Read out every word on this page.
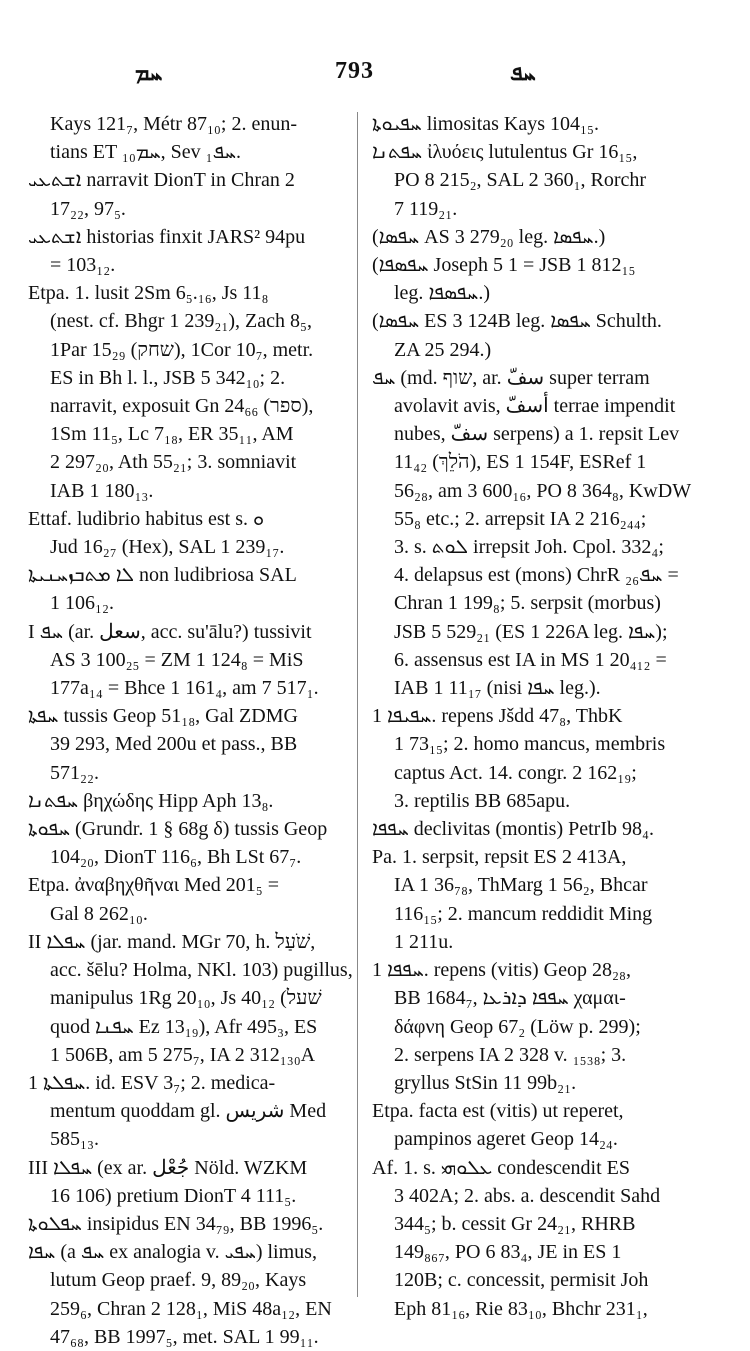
ܚܡ	793	ܚܦ
Kays 121₇, Métr 87₁₀; 2. enun-
tians ET ܚܡ₁₀, Sev ܚܦ₁.
ܐܫܬܥܝ narravit DionT in Chran 2
17₂₂, 97₅.
ܐܫܬܥܝ historias finxit JARS² 94pu
= 103₁₂.
Etpa. 1. lusit 2Sm 6₅.₁₆, Js 11₈
(nest. cf. Bhgr 1 239₂₁), Zach 8₅,
1Par 15₂₉ (שחק), 1Cor 10₇, metr.
ES in Bh l. l., JSB 5 342₁₀; 2.
narravit, exposuit Gn 24₆₆ (ספר),
1Sm 11₅, Lc 7₁₈, ER 35₁₁, AM
2 297₂₀, Ath 55₂₁; 3. somniavit
IAB 1 180₁₃.
Ettaf. ludibrio habitus est s. ܘ
Jud 16₂₇ (Hex), SAL 1 239₁₇.
ܠܐ ܡܬܒܙܚܢܝܬܐ non ludibriosa SAL
1 106₁₂.
I ܚܦ (ar. سعل, acc. su'ālu?) tussivit
AS 3 100₂₅ = ZM 1 124₈ = MiS
177a₁₄ = Bhce 1 161₄, am 7 517₁.
ܚܦܬܐ tussis Geop 51₁₈, Gal ZDMG
39 293, Med 200u et pass., BB
571₂₂.
ܚܦܬܢܐ βηχώδης Hipp Aph 13₈.
ܚܦܘܬܐ (Grundr. 1 § 68g δ) tussis Geop
104₂₀, DionT 116₆, Bh LSt 67₇.
Etpa. ἀναβηχθῆναι Med 201₅ =
Gal 8 262₁₀.
II ܚܦܠܐ (jar. mand. MGr 70, h. שֹׁעַל,
acc. šēlu? Holma, NKl. 103) pugillus,
manipulus 1Rg 20₁₀, Js 40₁₂ (שׁעל
quod ܚܦܢܐ Ez 13₁₉), Afr 495₃, ES
1 506B, am 5 275₇, IA 2 312₁₃₀A
ܚܦܠܬܐ 1. id. ESV 3₇; 2. medica-
mentum quoddam gl. شريس Med
585₁₃.
III ܚܦܠܐ (ex ar. جُعْل Nöld. WZKM
16 106) pretium DionT 4 111₅.
ܚܦܠܘܬܐ insipidus EN 34₇₉, BB 1996₅.
ܚܦܐ (a ܚܦ ex analogia v. ܚܦܝ) limus,
lutum Geop praef. 9, 89₂₀, Kays
259₆, Chran 2 128₁, MiS 48a₁₂, EN
47₆₈, BB 1997₅, met. SAL 1 99₁₁.
ܚܦܝܘܬܐ limositas Kays 104₁₅.
ܚܦܬܢܐ ἰλυόεις lutulentus Gr 16₁₅,
PO 8 215₂, SAL 2 360₁, Rorchr
7 119₂₁.
(ܚܦܣܐ AS 3 279₂₀ leg. ܚܦܣܐ.)
(ܚܦܣܦܐ Joseph 5 1 = JSB 1 812₁₅
leg. ܚܦܣܦܐ.)
(ܚܦܣܐ ES 3 124B leg. ܚܦܣܐ Schulth.
ZA 25 294.)
ܚܦ (md. שוף, ar. سفّ super terram
avolavit avis, أسفّ terrae impendit
nubes, سفّ serpens) a 1. repsit Lev
11₄₂ (הֹלֵךְ), ES 1 154F, ESRef 1
56₂₈, am 3 600₁₆, PO 8 364₈, KwDW
55₈ etc.; 2. arrepsit IA 2 216₂₄₄;
3. s. ܠܘܬ irrepsit Joh. Cpol. 332₄;
4. delapsus est (mons) ChrR ܚܦ₂₆ =
Chran 1 199₈; 5. serpsit (morbus)
JSB 5 529₂₁ (ES 1 226A leg. ܚܦܐ);
6. assensus est IA in MS 1 20₄₁₂ =
IAB 1 11₁₇ (nisi ܚܦܐ leg.).
ܚܦܝܦܐ 1. repens Jšdd 47₈, ThbK
1 73₁₅; 2. homo mancus, membris
captus Act. 14. congr. 2 162₁₉;
3. reptilis BB 685apu.
ܚܦܦܐ declivitas (montis) PetrIb 98₄.
Pa. 1. serpsit, repsit ES 2 413A,
IA 1 36₇₈, ThMarg 1 56₂, Bhcar
116₁₅; 2. mancum reddidit Ming
1 211u.
ܚܦܦܐ 1. repens (vitis) Geop 28₂₈,
BB 1684₇, ܚܦܦܐ ܕܐܪܥܐ χαμαι-
δάφνη Geop 67₂ (Löw p. 299);
2. serpens IA 2 328 v. ₁₅₃₈; 3.
gryllus StSin 11 99b₂₁.
Etpa. facta est (vitis) ut reperet,
pampinos ageret Geop 14₂₄.
Af. 1. s. ܥܠܘܗܝ condescendit ES
3 402A; 2. abs. a. descendit Sahd
344₅; b. cessit Gr 24₂₁, RHRB
149₈₆₇, PO 6 83₄, JE in ES 1
120B; c. concessit, permisit Joh
Eph 81₁₆, Rie 83₁₀, Bhchr 231₁,
